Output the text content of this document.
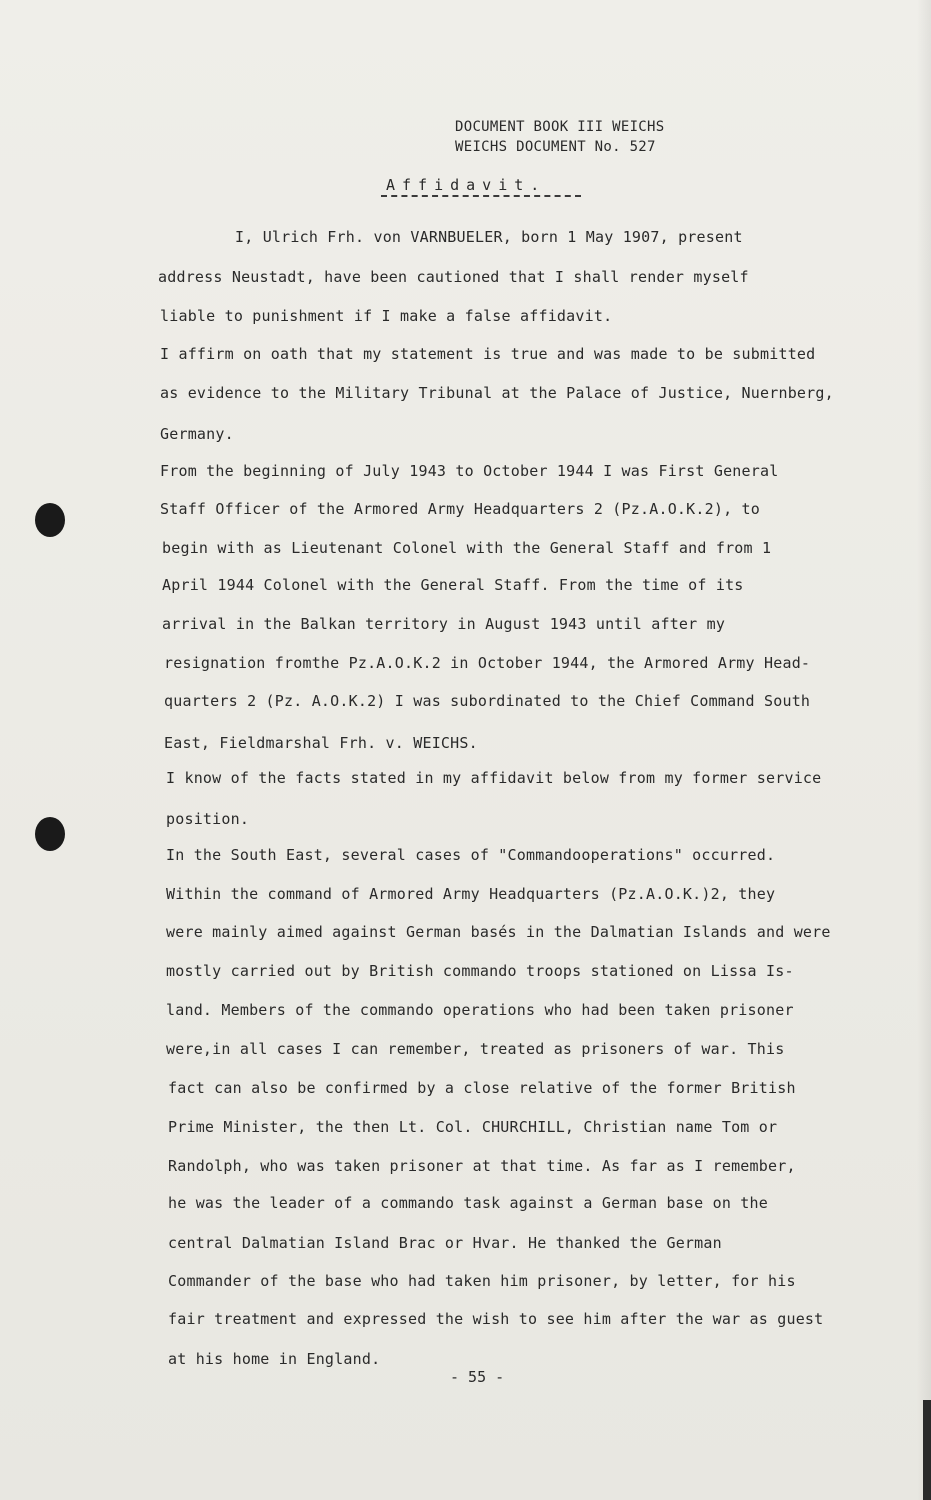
DOCUMENT BOOK III WEICHS
WEICHS DOCUMENT No. 527
Affidavit.
I, Ulrich Frh. von VARNBUELER, born 1 May 1907, present
address Neustadt, have been cautioned that I shall render myself
liable to punishment if I make a false affidavit.
I affirm on oath that my statement is true and was made to be submitted
as evidence to the Military Tribunal at the Palace of Justice, Nuernberg,
Germany.
From the beginning of July 1943 to October 1944 I was First General
Staff Officer of the Armored Army Headquarters 2 (Pz.A.O.K.2), to
begin with as Lieutenant Colonel with the General Staff and from 1
April 1944 Colonel with the General Staff. From the time of its
arrival in the Balkan territory in August 1943 until after my
resignation fromthe Pz.A.O.K.2 in October 1944, the Armored Army Head-
quarters 2 (Pz. A.O.K.2) I was subordinated to the Chief Command South
East, Fieldmarshal Frh. v. WEICHS.
I know of the facts stated in my affidavit below from my former service
position.
In the South East, several cases of "Commandooperations" occurred.
Within the command of Armored Army Headquarters (Pz.A.O.K.)2, they
were mainly aimed against German basés in the Dalmatian Islands and were
mostly carried out by British commando troops stationed on Lissa Is-
land. Members of the commando operations who had been taken prisoner
were,in all cases I can remember, treated as prisoners of war. This
fact can also be confirmed by a close relative of the former British
Prime Minister, the then Lt. Col. CHURCHILL, Christian name Tom or
Randolph, who was taken prisoner at that time. As far as I remember,
he was the leader of a commando task against a German base on the
central Dalmatian Island Brac or Hvar. He thanked the German
Commander of the base who had taken him prisoner, by letter, for his
fair treatment and expressed the wish to see him after the war as guest
at his home in England.
- 55 -
